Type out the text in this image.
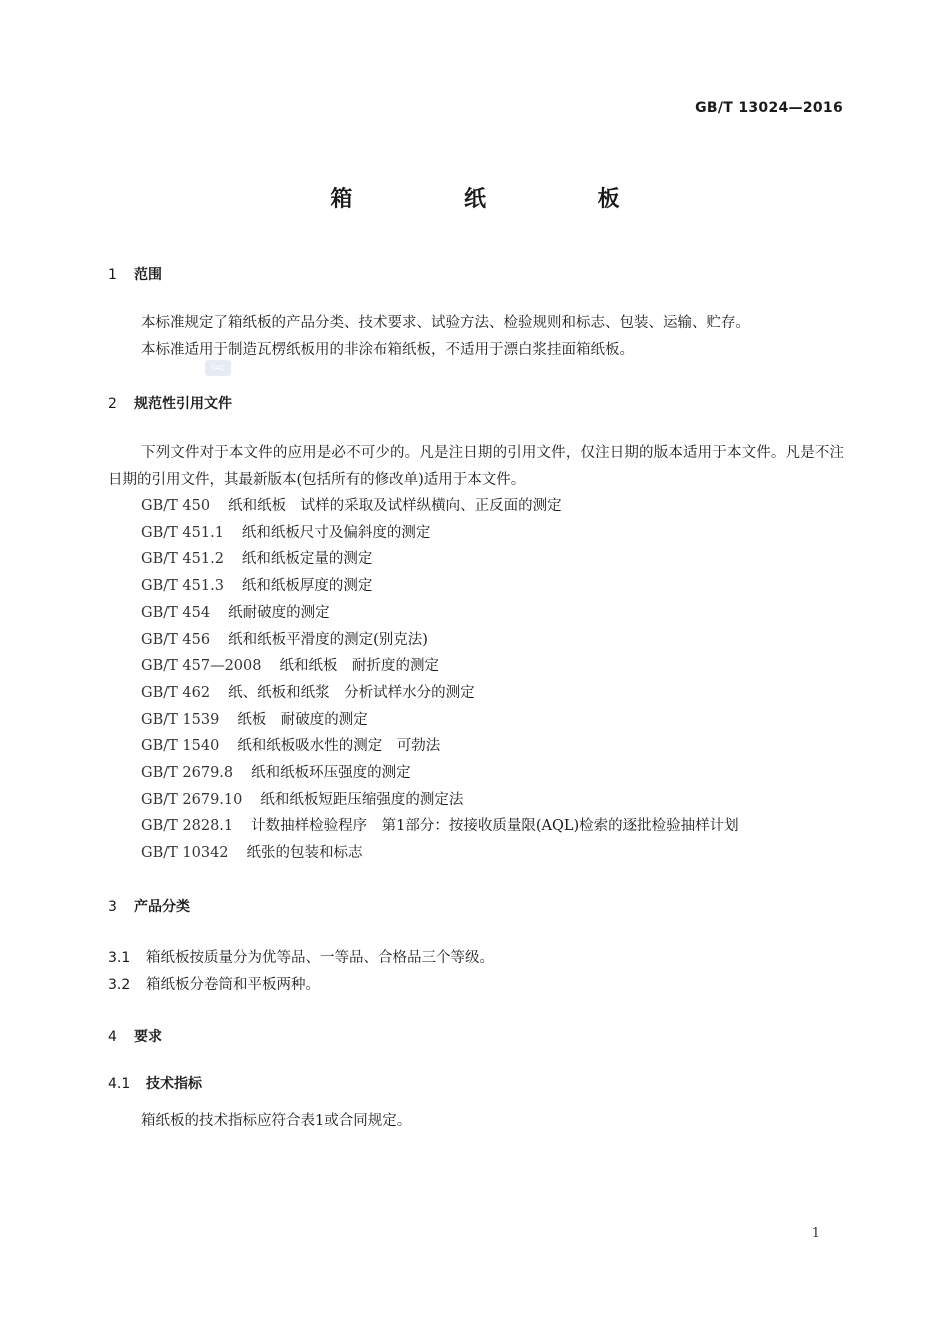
GB/T 13024—2016
箱 纸 板
SAC
1 范围
本标准规定了箱纸板的产品分类、技术要求、试验方法、检验规则和标志、包装、运输、贮存。
本标准适用于制造瓦楞纸板用的非涂布箱纸板，不适用于漂白浆挂面箱纸板。
2 规范性引用文件
下列文件对于本文件的应用是必不可少的。凡是注日期的引用文件，仅注日期的版本适用于本文件。凡是不注日期的引用文件，其最新版本(包括所有的修改单)适用于本文件。
GB/T 450 纸和纸板　试样的采取及试样纵横向、正反面的测定
GB/T 451.1 纸和纸板尺寸及偏斜度的测定
GB/T 451.2 纸和纸板定量的测定
GB/T 451.3 纸和纸板厚度的测定
GB/T 454 纸耐破度的测定
GB/T 456 纸和纸板平滑度的测定(别克法)
GB/T 457—2008 纸和纸板　耐折度的测定
GB/T 462 纸、纸板和纸浆　分析试样水分的测定
GB/T 1539 纸板　耐破度的测定
GB/T 1540 纸和纸板吸水性的测定　可勃法
GB/T 2679.8 纸和纸板环压强度的测定
GB/T 2679.10 纸和纸板短距压缩强度的测定法
GB/T 2828.1 计数抽样检验程序　第1部分：按接收质量限(AQL)检索的逐批检验抽样计划
GB/T 10342 纸张的包装和标志
3 产品分类
3.1 箱纸板按质量分为优等品、一等品、合格品三个等级。
3.2 箱纸板分卷筒和平板两种。
4 要求
4.1 技术指标
箱纸板的技术指标应符合表1或合同规定。
1
